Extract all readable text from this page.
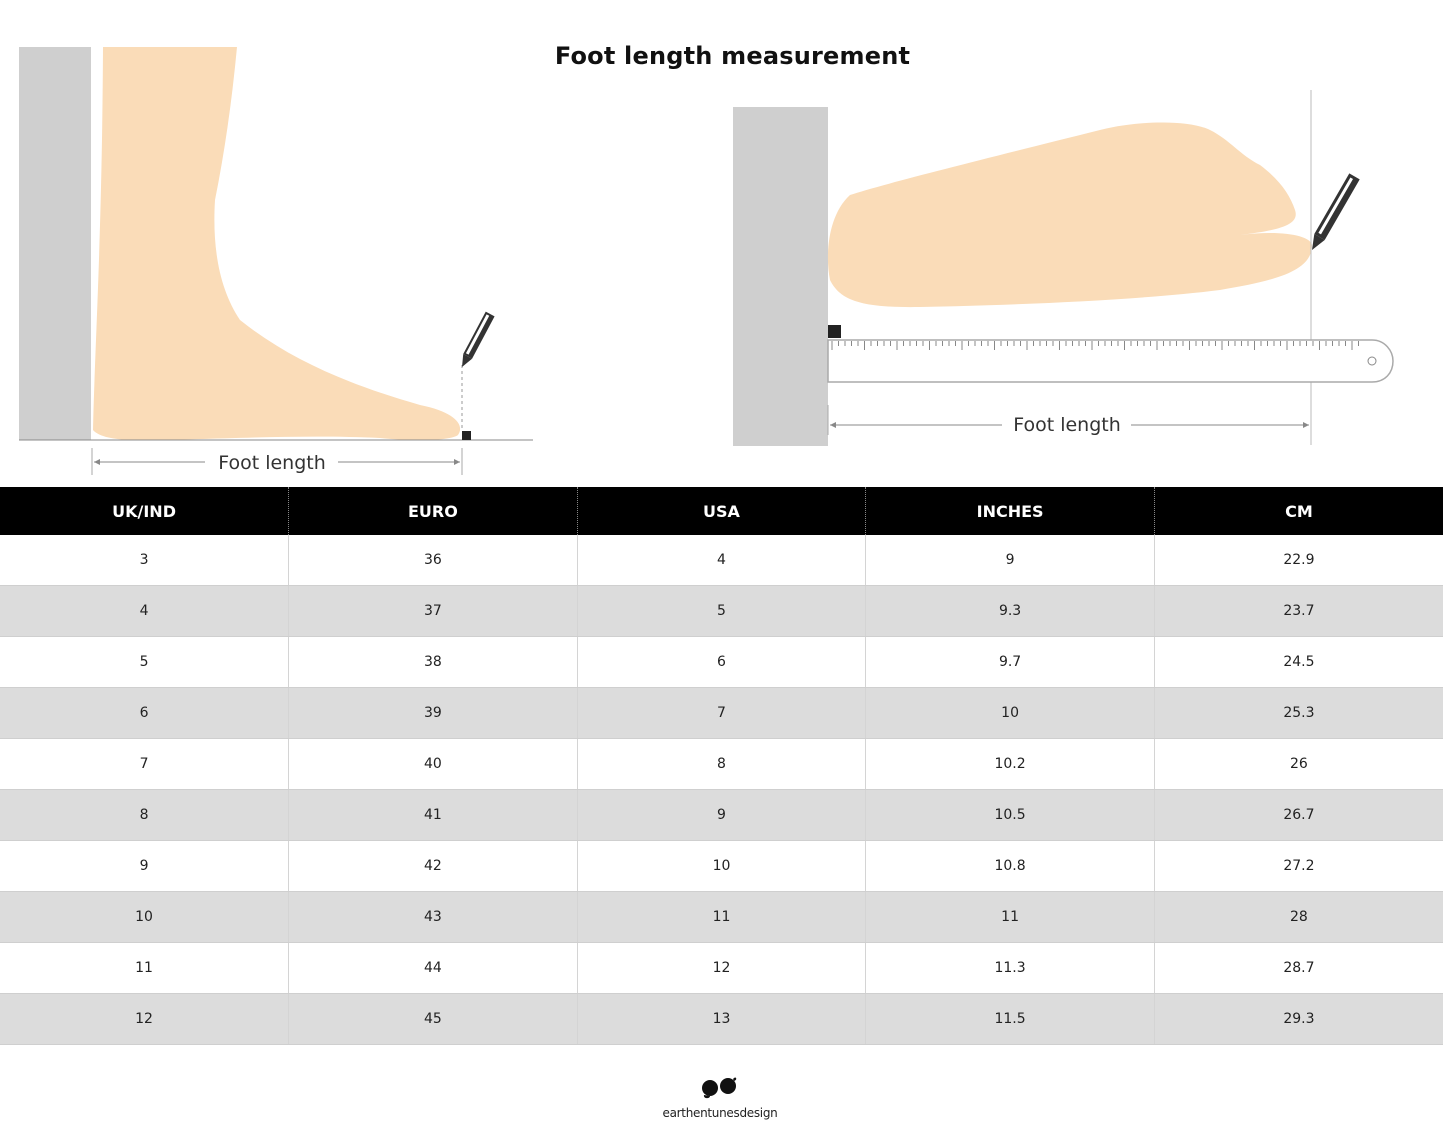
Foot length measurement
Foot length
Foot length
UK/IND	EURO	USA	INCHES	CM
3	36	4	9	22.9
4	37	5	9.3	23.7
5	38	6	9.7	24.5
6	39	7	10	25.3
7	40	8	10.2	26
8	41	9	10.5	26.7
9	42	10	10.8	27.2
10	43	11	11	28
11	44	12	11.3	28.7
12	45	13	11.5	29.3
earthentunesdesign
